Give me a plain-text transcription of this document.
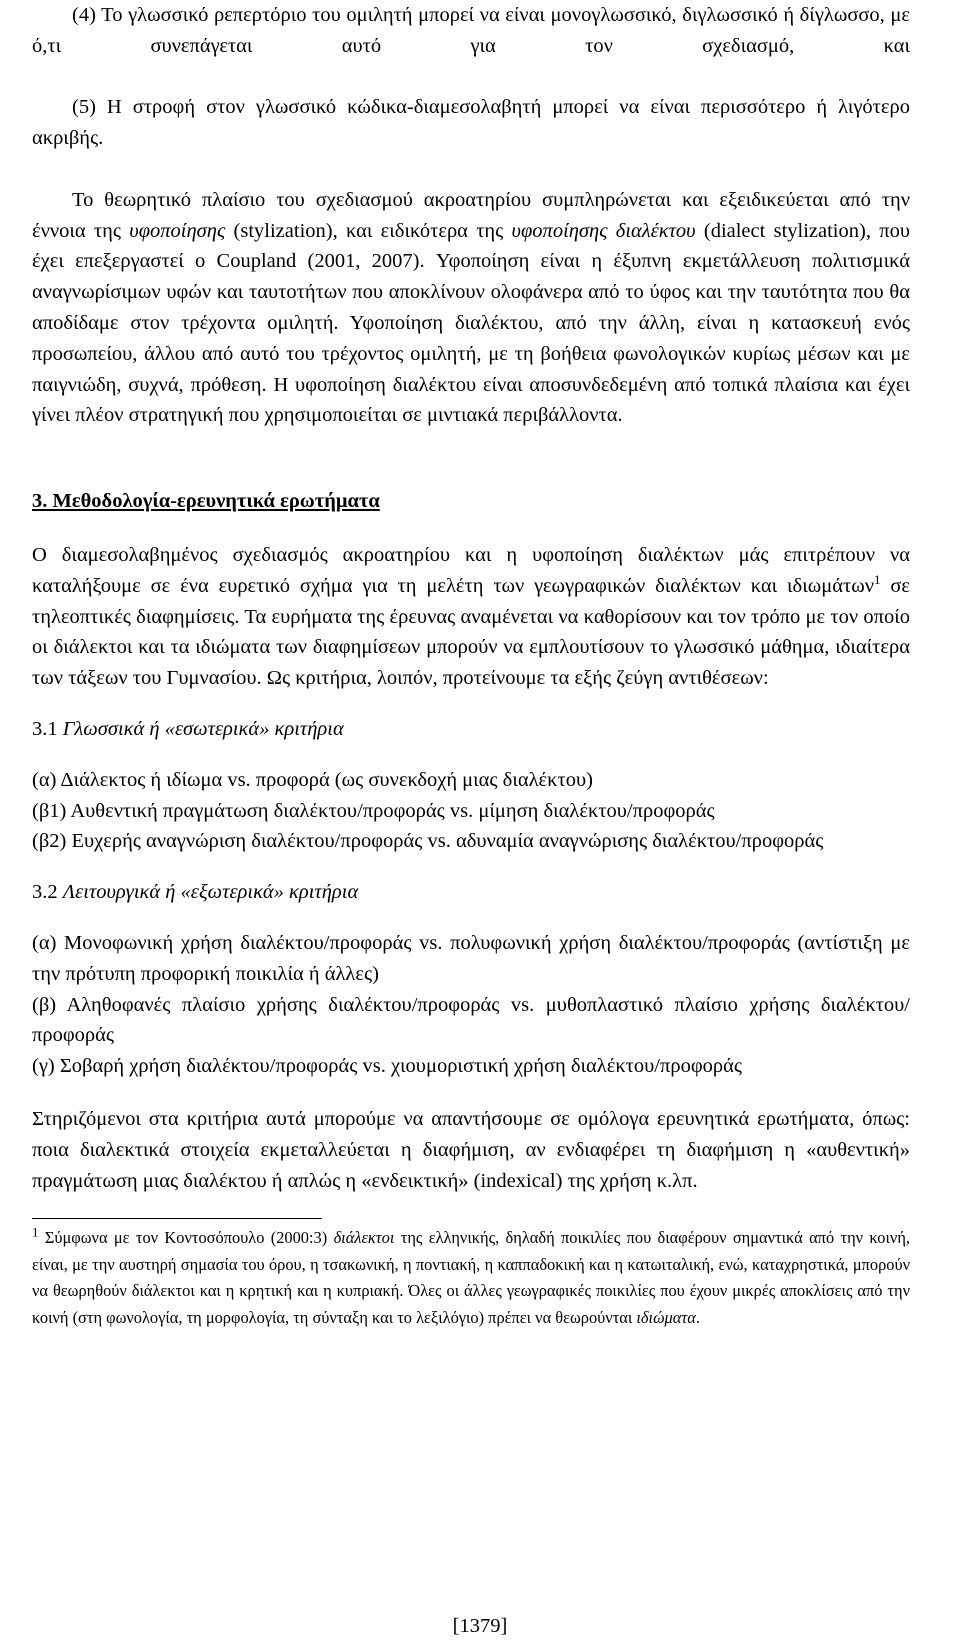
(4) Το γλωσσικό ρεπερτόριο του ομιλητή μπορεί να είναι μονογλωσσικό, διγλωσσικό ή δίγλωσσο, με ό,τι συνεπάγεται αυτό για τον σχεδιασμό, και

(5) Η στροφή στον γλωσσικό κώδικα-διαμεσολαβητή μπορεί να είναι περισσότερο ή λιγότερο ακριβής.

Το θεωρητικό πλαίσιο του σχεδιασμού ακροατηρίου συμπληρώνεται και εξειδικεύεται από την έννοια της υφοποίησης (stylization), και ειδικότερα της υφοποίησης διαλέκτου (dialect stylization), που έχει επεξεργαστεί ο Coupland (2001, 2007). Υφοποίηση είναι η έξυπνη εκμετάλλευση πολιτισμικά αναγνωρίσιμων υφών και ταυτοτήτων που αποκλίνουν ολοφάνερα από το ύφος και την ταυτότητα που θα αποδίδαμε στον τρέχοντα ομιλητή. Υφοποίηση διαλέκτου, από την άλλη, είναι η κατασκευή ενός προσωπείου, άλλου από αυτό του τρέχοντος ομιλητή, με τη βοήθεια φωνολογικών κυρίως μέσων και με παιγνιώδη, συχνά, πρόθεση. Η υφοποίηση διαλέκτου είναι αποσυνδεδεμένη από τοπικά πλαίσια και έχει γίνει πλέον στρατηγική που χρησιμοποιείται σε μιντιακά περιβάλλοντα.

3. Μεθοδολογία-ερευνητικά ερωτήματα

Ο διαμεσολαβημένος σχεδιασμός ακροατηρίου και η υφοποίηση διαλέκτων μάς επιτρέπουν να καταλήξουμε σε ένα ευρετικό σχήμα για τη μελέτη των γεωγραφικών διαλέκτων και ιδιωμάτων$^1$ σε τηλεοπτικές διαφημίσεις. Τα ευρήματα της έρευνας αναμένεται να καθορίσουν και τον τρόπο με τον οποίο οι διάλεκτοι και τα ιδιώματα των διαφημίσεων μπορούν να εμπλουτίσουν το γλωσσικό μάθημα, ιδιαίτερα των τάξεων του Γυμνασίου. Ως κριτήρια, λοιπόν, προτείνουμε τα εξής ζεύγη αντιθέσεων:

3.1 Γλωσσικά ή «εσωτερικά» κριτήρια

(α) Διάλεκτος ή ιδίωμα vs. προφορά (ως συνεκδοχή μιας διαλέκτου)

(β1) Αυθεντική πραγμάτωση διαλέκτου/προφοράς vs. μίμηση διαλέκτου/προφοράς

(β2) Ευχερής αναγνώριση διαλέκτου/προφοράς vs. αδυναμία αναγνώρισης διαλέκτου/προφοράς

3.2 Λειτουργικά ή «εξωτερικά» κριτήρια

(α) Μονοφωνική χρήση διαλέκτου/προφοράς vs. πολυφωνική χρήση διαλέκτου/προφοράς (αντίστιξη με την πρότυπη προφορική ποικιλία ή άλλες)

(β) Αληθοφανές πλαίσιο χρήσης διαλέκτου/προφοράς vs. μυθοπλαστικό πλαίσιο χρήσης διαλέκτου/προφοράς

(γ) Σοβαρή χρήση διαλέκτου/προφοράς vs. χιουμοριστική χρήση διαλέκτου/προφοράς

Στηριζόμενοι στα κριτήρια αυτά μπορούμε να απαντήσουμε σε ομόλογα ερευνητικά ερωτήματα, όπως: ποια διαλεκτικά στοιχεία εκμεταλλεύεται η διαφήμιση, αν ενδιαφέρει τη διαφήμιση η «αυθεντική» πραγμάτωση μιας διαλέκτου ή απλώς η «ενδεικτική» (indexical) της χρήση κ.λπ.

$^1$ Σύμφωνα με τον Κοντοσόπουλο (2000:3) διάλεκτοι της ελληνικής, δηλαδή ποικιλίες που διαφέρουν σημαντικά από την κοινή, είναι, με την αυστηρή σημασία του όρου, η τσακωνική, η ποντιακή, η καππαδοκική και η κατωιταλική, ενώ, καταχρηστικά, μπορούν να θεωρηθούν διάλεκτοι και η κρητική και η κυπριακή. Όλες οι άλλες γεωγραφικές ποικιλίες που έχουν μικρές αποκλίσεις από την κοινή (στη φωνολογία, τη μορφολογία, τη σύνταξη και το λεξιλόγιο) πρέπει να θεωρούνται ιδιώματα.

[1379]
